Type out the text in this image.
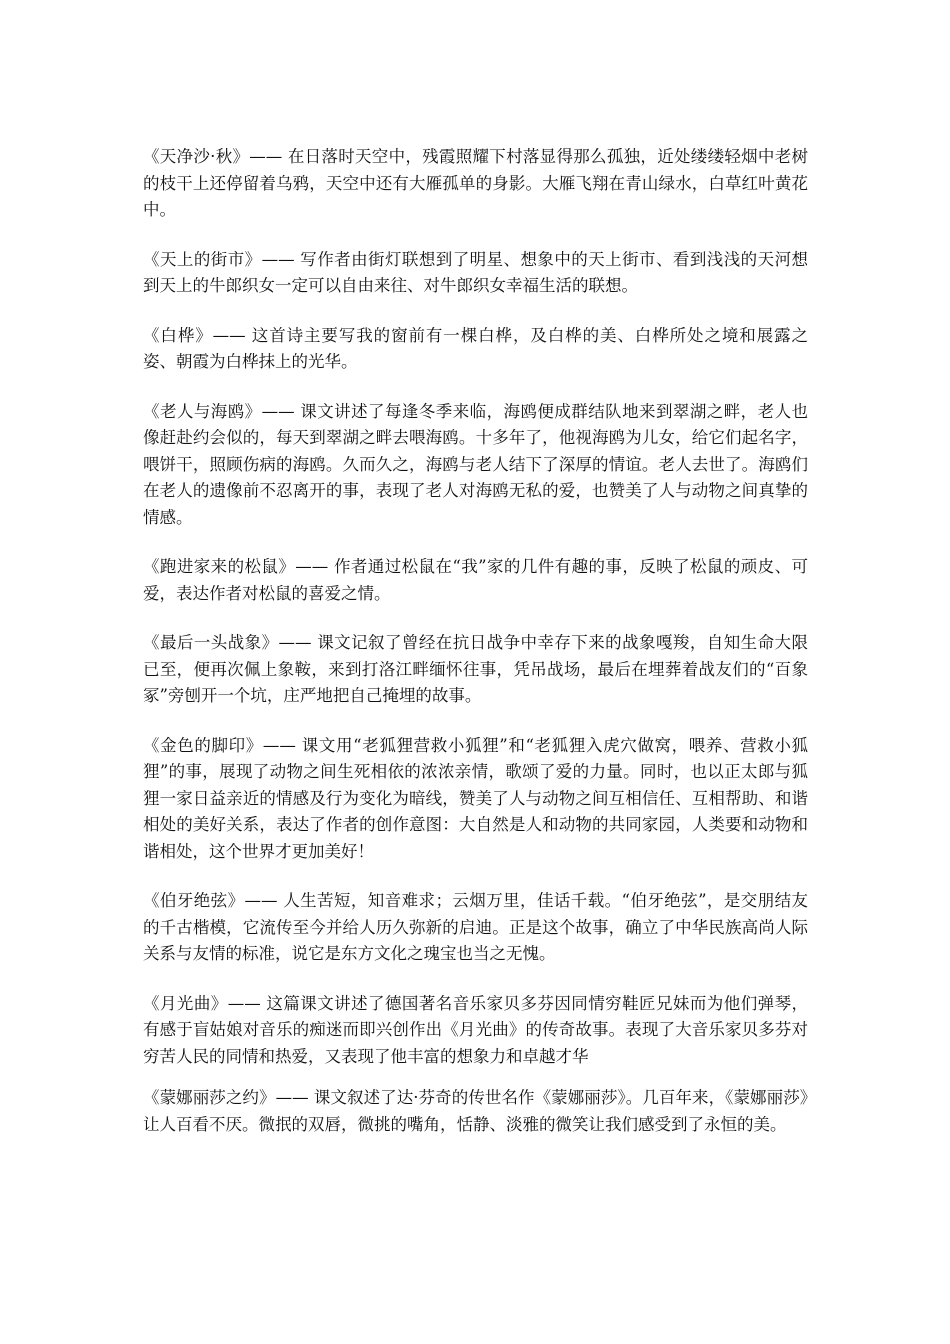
《天净沙·秋》—— 在日落时天空中，残霞照耀下村落显得那么孤独，近处缕缕轻烟中老树的枝干上还停留着乌鸦，天空中还有大雁孤单的身影。大雁飞翔在青山绿水，白草红叶黄花中。

《天上的街市》—— 写作者由街灯联想到了明星、想象中的天上街市、看到浅浅的天河想到天上的牛郎织女一定可以自由来往、对牛郎织女幸福生活的联想。

《白桦》—— 这首诗主要写我的窗前有一棵白桦，及白桦的美、白桦所处之境和展露之姿、朝霞为白桦抹上的光华。

《老人与海鸥》—— 课文讲述了每逢冬季来临，海鸥便成群结队地来到翠湖之畔，老人也像赶赴约会似的，每天到翠湖之畔去喂海鸥。十多年了，他视海鸥为儿女，给它们起名字，喂饼干，照顾伤病的海鸥。久而久之，海鸥与老人结下了深厚的情谊。老人去世了。海鸥们在老人的遗像前不忍离开的事，表现了老人对海鸥无私的爱，也赞美了人与动物之间真挚的情感。

《跑进家来的松鼠》—— 作者通过松鼠在“我”家的几件有趣的事，反映了松鼠的顽皮、可爱，表达作者对松鼠的喜爱之情。

《最后一头战象》—— 课文记叙了曾经在抗日战争中幸存下来的战象嘎羧，自知生命大限已至，便再次佩上象鞍，来到打洛江畔缅怀往事，凭吊战场，最后在埋葬着战友们的“百象冢”旁刨开一个坑，庄严地把自己掩埋的故事。

《金色的脚印》—— 课文用“老狐狸营救小狐狸”和“老狐狸入虎穴做窝，喂养、营救小狐狸”的事，展现了动物之间生死相依的浓浓亲情，歌颂了爱的力量。同时，也以正太郎与狐狸一家日益亲近的情感及行为变化为暗线，赞美了人与动物之间互相信任、互相帮助、和谐相处的美好关系，表达了作者的创作意图：大自然是人和动物的共同家园，人类要和动物和谐相处，这个世界才更加美好！

《伯牙绝弦》—— 人生苦短，知音难求；云烟万里，佳话千载。“伯牙绝弦”，是交朋结友的千古楷模，它流传至今并给人历久弥新的启迪。正是这个故事，确立了中华民族高尚人际关系与友情的标准，说它是东方文化之瑰宝也当之无愧。

《月光曲》—— 这篇课文讲述了德国著名音乐家贝多芬因同情穷鞋匠兄妹而为他们弹琴，有感于盲姑娘对音乐的痴迷而即兴创作出《月光曲》的传奇故事。表现了大音乐家贝多芬对穷苦人民的同情和热爱，又表现了他丰富的想象力和卓越才华

《蒙娜丽莎之约》—— 课文叙述了达·芬奇的传世名作《蒙娜丽莎》。几百年来，《蒙娜丽莎》让人百看不厌。微抿的双唇，微挑的嘴角，恬静、淡雅的微笑让我们感受到了永恒的美。
